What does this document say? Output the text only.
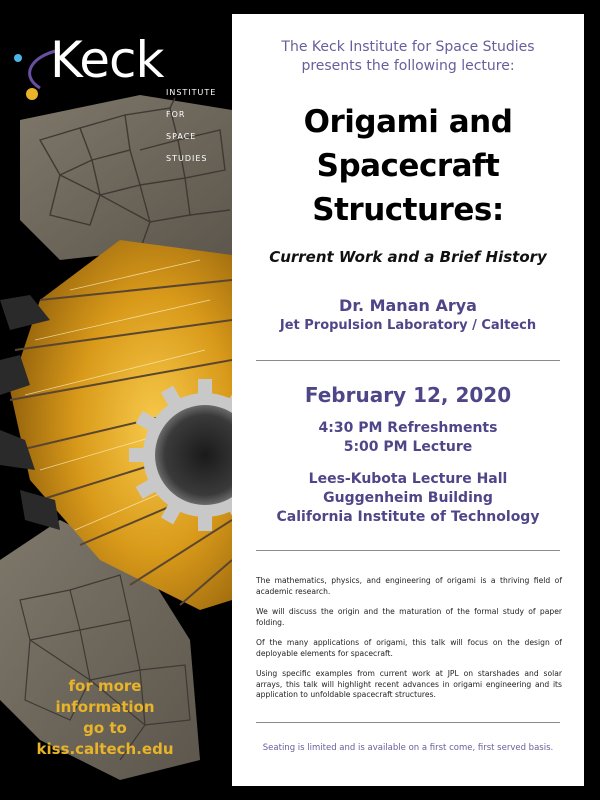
Keck
INSTITUTE
FOR
SPACE
STUDIES
for more
information
go to
kiss.caltech.edu
The Keck Institute for Space Studies
presents the following lecture:
Origami and
Spacecraft
Structures:
Current Work and a Brief History
Dr. Manan Arya
Jet Propulsion Laboratory / Caltech
February 12, 2020
4:30 PM Refreshments
5:00 PM Lecture
Lees-Kubota Lecture Hall
Guggenheim Building
California Institute of Technology

The mathematics, physics, and engineering of origami is a thriving field of academic research.

We will discuss the origin and the maturation of the formal study of paper folding.

Of the many applications of origami, this talk will focus on the design of deployable elements for spacecraft.

Using specific examples from current work at JPL on starshades and solar arrays, this talk will highlight recent advances in origami engineering and its application to unfoldable spacecraft structures.

Seating is limited and is available on a first come, first served basis.
